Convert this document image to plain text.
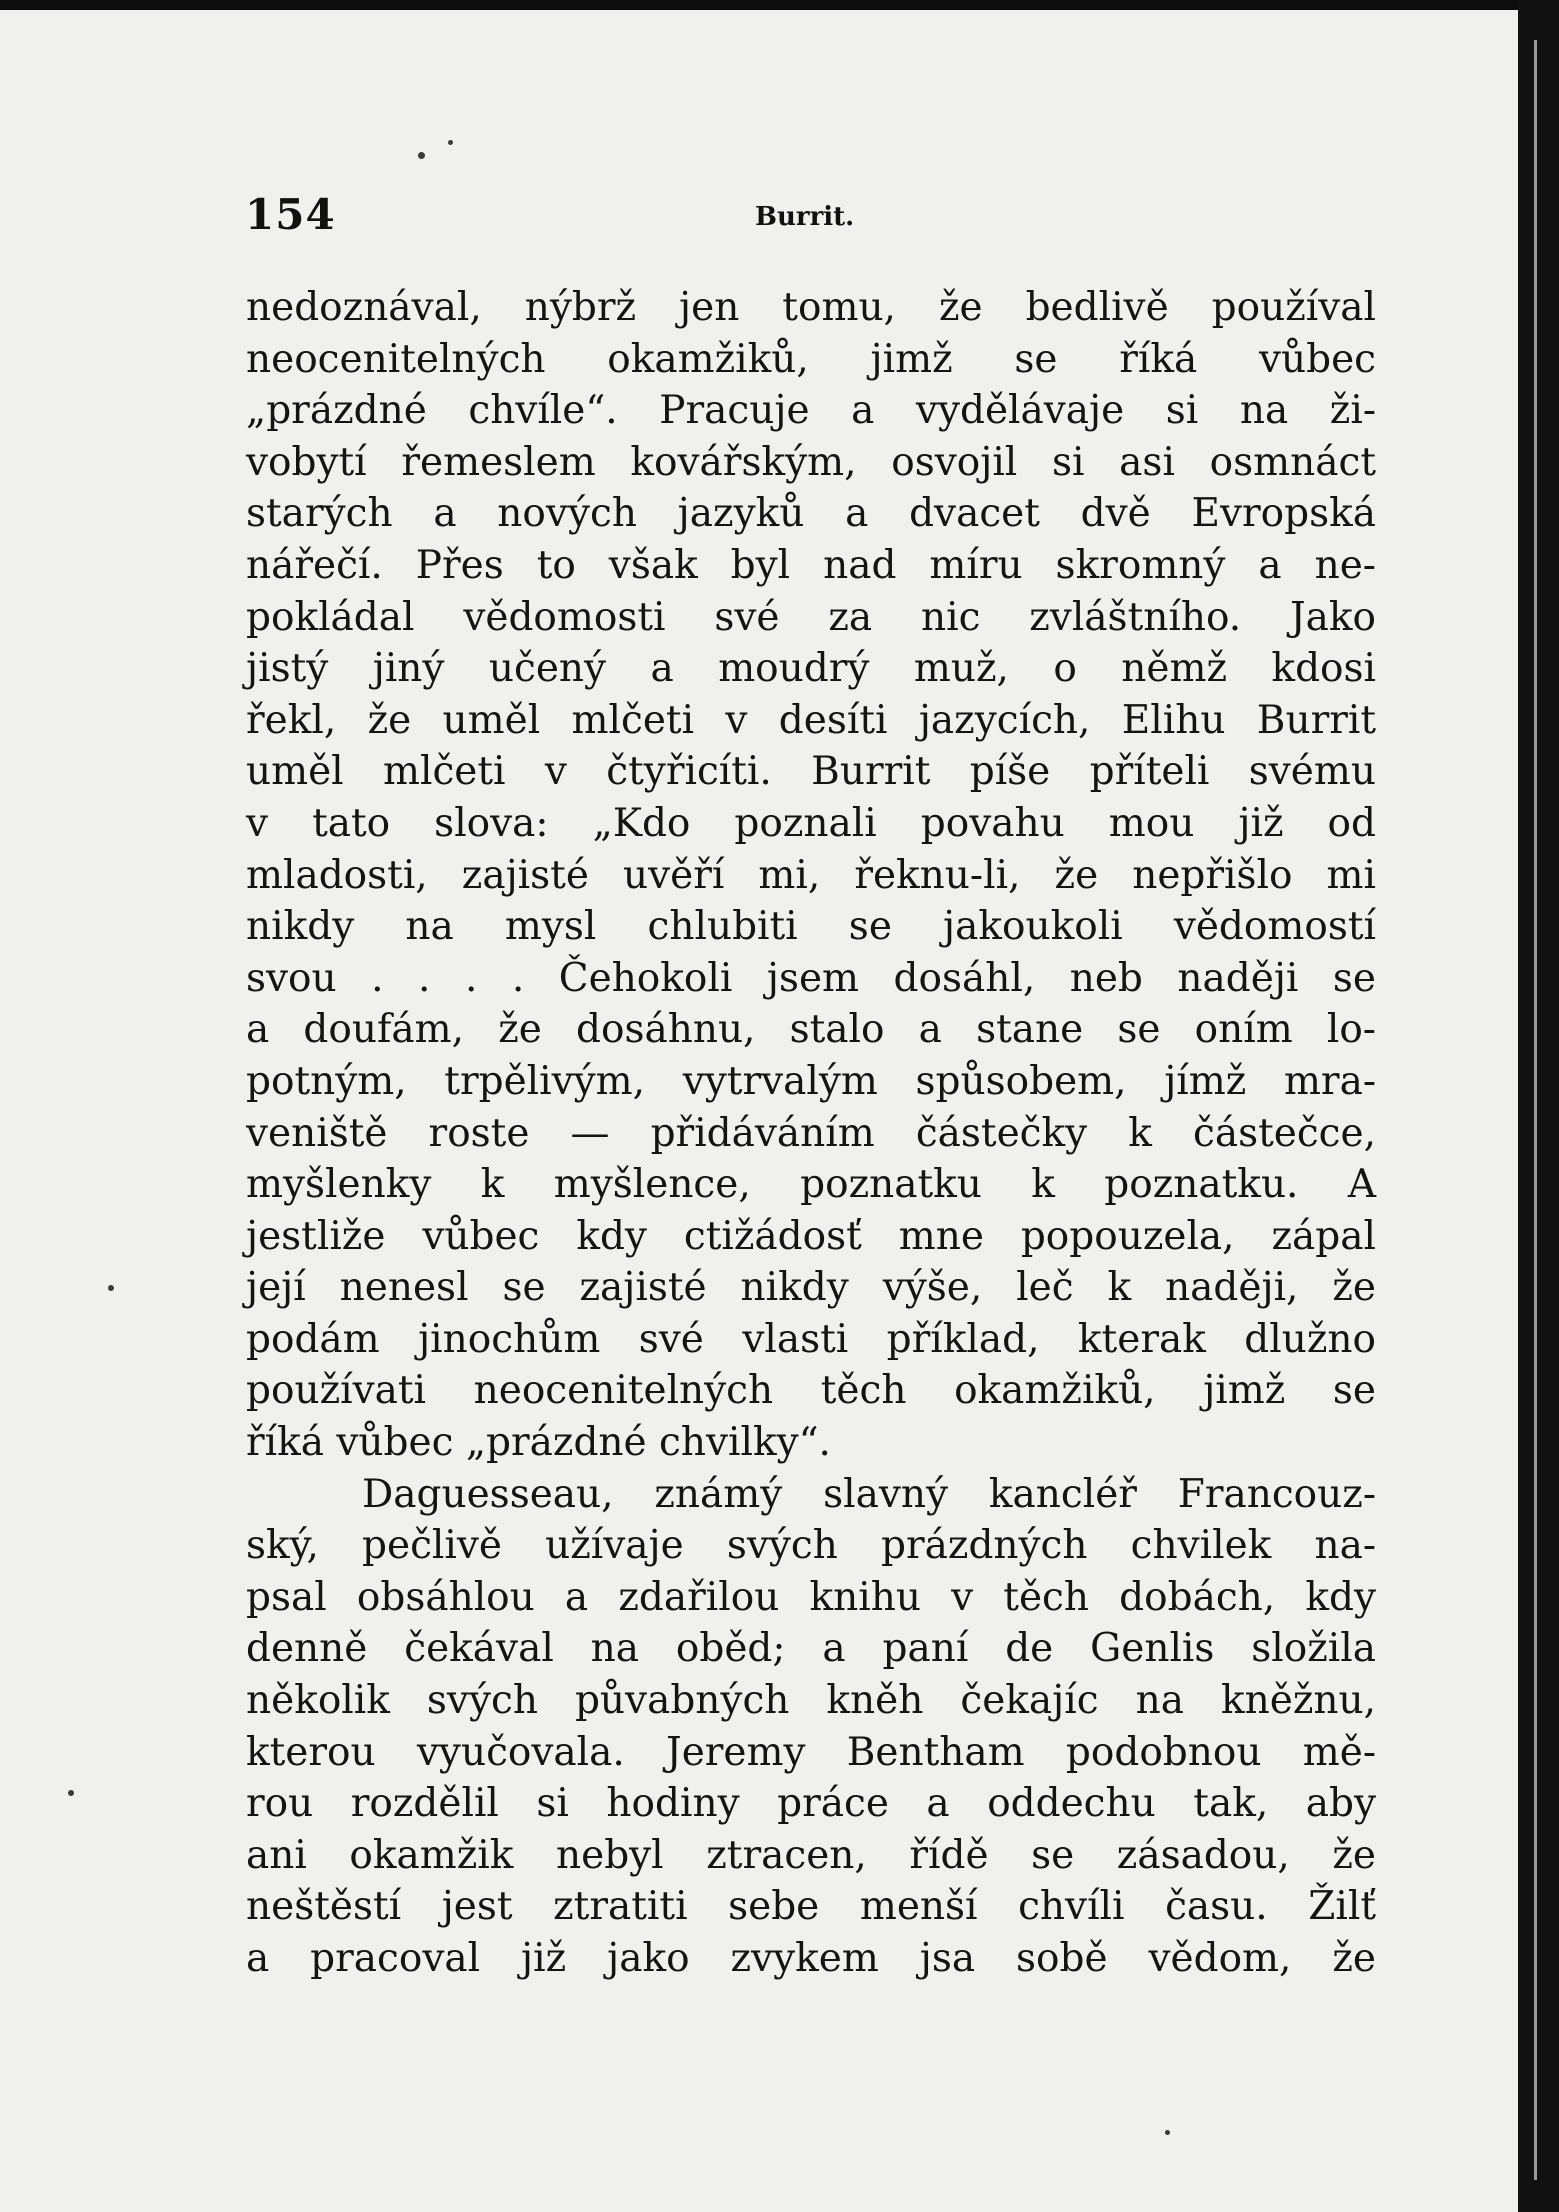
154	Burrit.
nedoznával, nýbrž jen tomu, že bedlivě používal
neocenitelných okamžiků, jimž se říká vůbec
„prázdné chvíle“. Pracuje a vydělávaje si na ži-
vobytí řemeslem kovářským, osvojil si asi osmnáct
starých a nových jazyků a dvacet dvě Evropská
nářečí. Přes to však byl nad míru skromný a ne-
pokládal vědomosti své za nic zvláštního. Jako
jistý jiný učený a moudrý muž, o němž kdosi
řekl, že uměl mlčeti v desíti jazycích, Elihu Burrit
uměl mlčeti v čtyřicíti. Burrit píše příteli svému
v tato slova: „Kdo poznali povahu mou již od
mladosti, zajisté uvěří mi, řeknu-li, že nepřišlo mi
nikdy na mysl chlubiti se jakoukoli vědomostí
svou . . . . Čehokoli jsem dosáhl, neb naději se
a doufám, že dosáhnu, stalo a stane se oním lo-
potným, trpělivým, vytrvalým spůsobem, jímž mra-
veniště roste — přidáváním částečky k částečce,
myšlenky k myšlence, poznatku k poznatku. A
jestliže vůbec kdy ctižádosť mne popouzela, zápal
její nenesl se zajisté nikdy výše, leč k naději, že
podám jinochům své vlasti příklad, kterak dlužno
používati neocenitelných těch okamžiků, jimž se
říká vůbec „prázdné chvilky“.
Daguesseau, známý slavný kancléř Francouz-
ský, pečlivě užívaje svých prázdných chvilek na-
psal obsáhlou a zdařilou knihu v těch dobách, kdy
denně čekával na oběd; a paní de Genlis složila
několik svých půvabných kněh čekajíc na kněžnu,
kterou vyučovala. Jeremy Bentham podobnou mě-
rou rozdělil si hodiny práce a oddechu tak, aby
ani okamžik nebyl ztracen, řídě se zásadou, že
neštěstí jest ztratiti sebe menší chvíli času. Žilť
a pracoval již jako zvykem jsa sobě vědom, že
